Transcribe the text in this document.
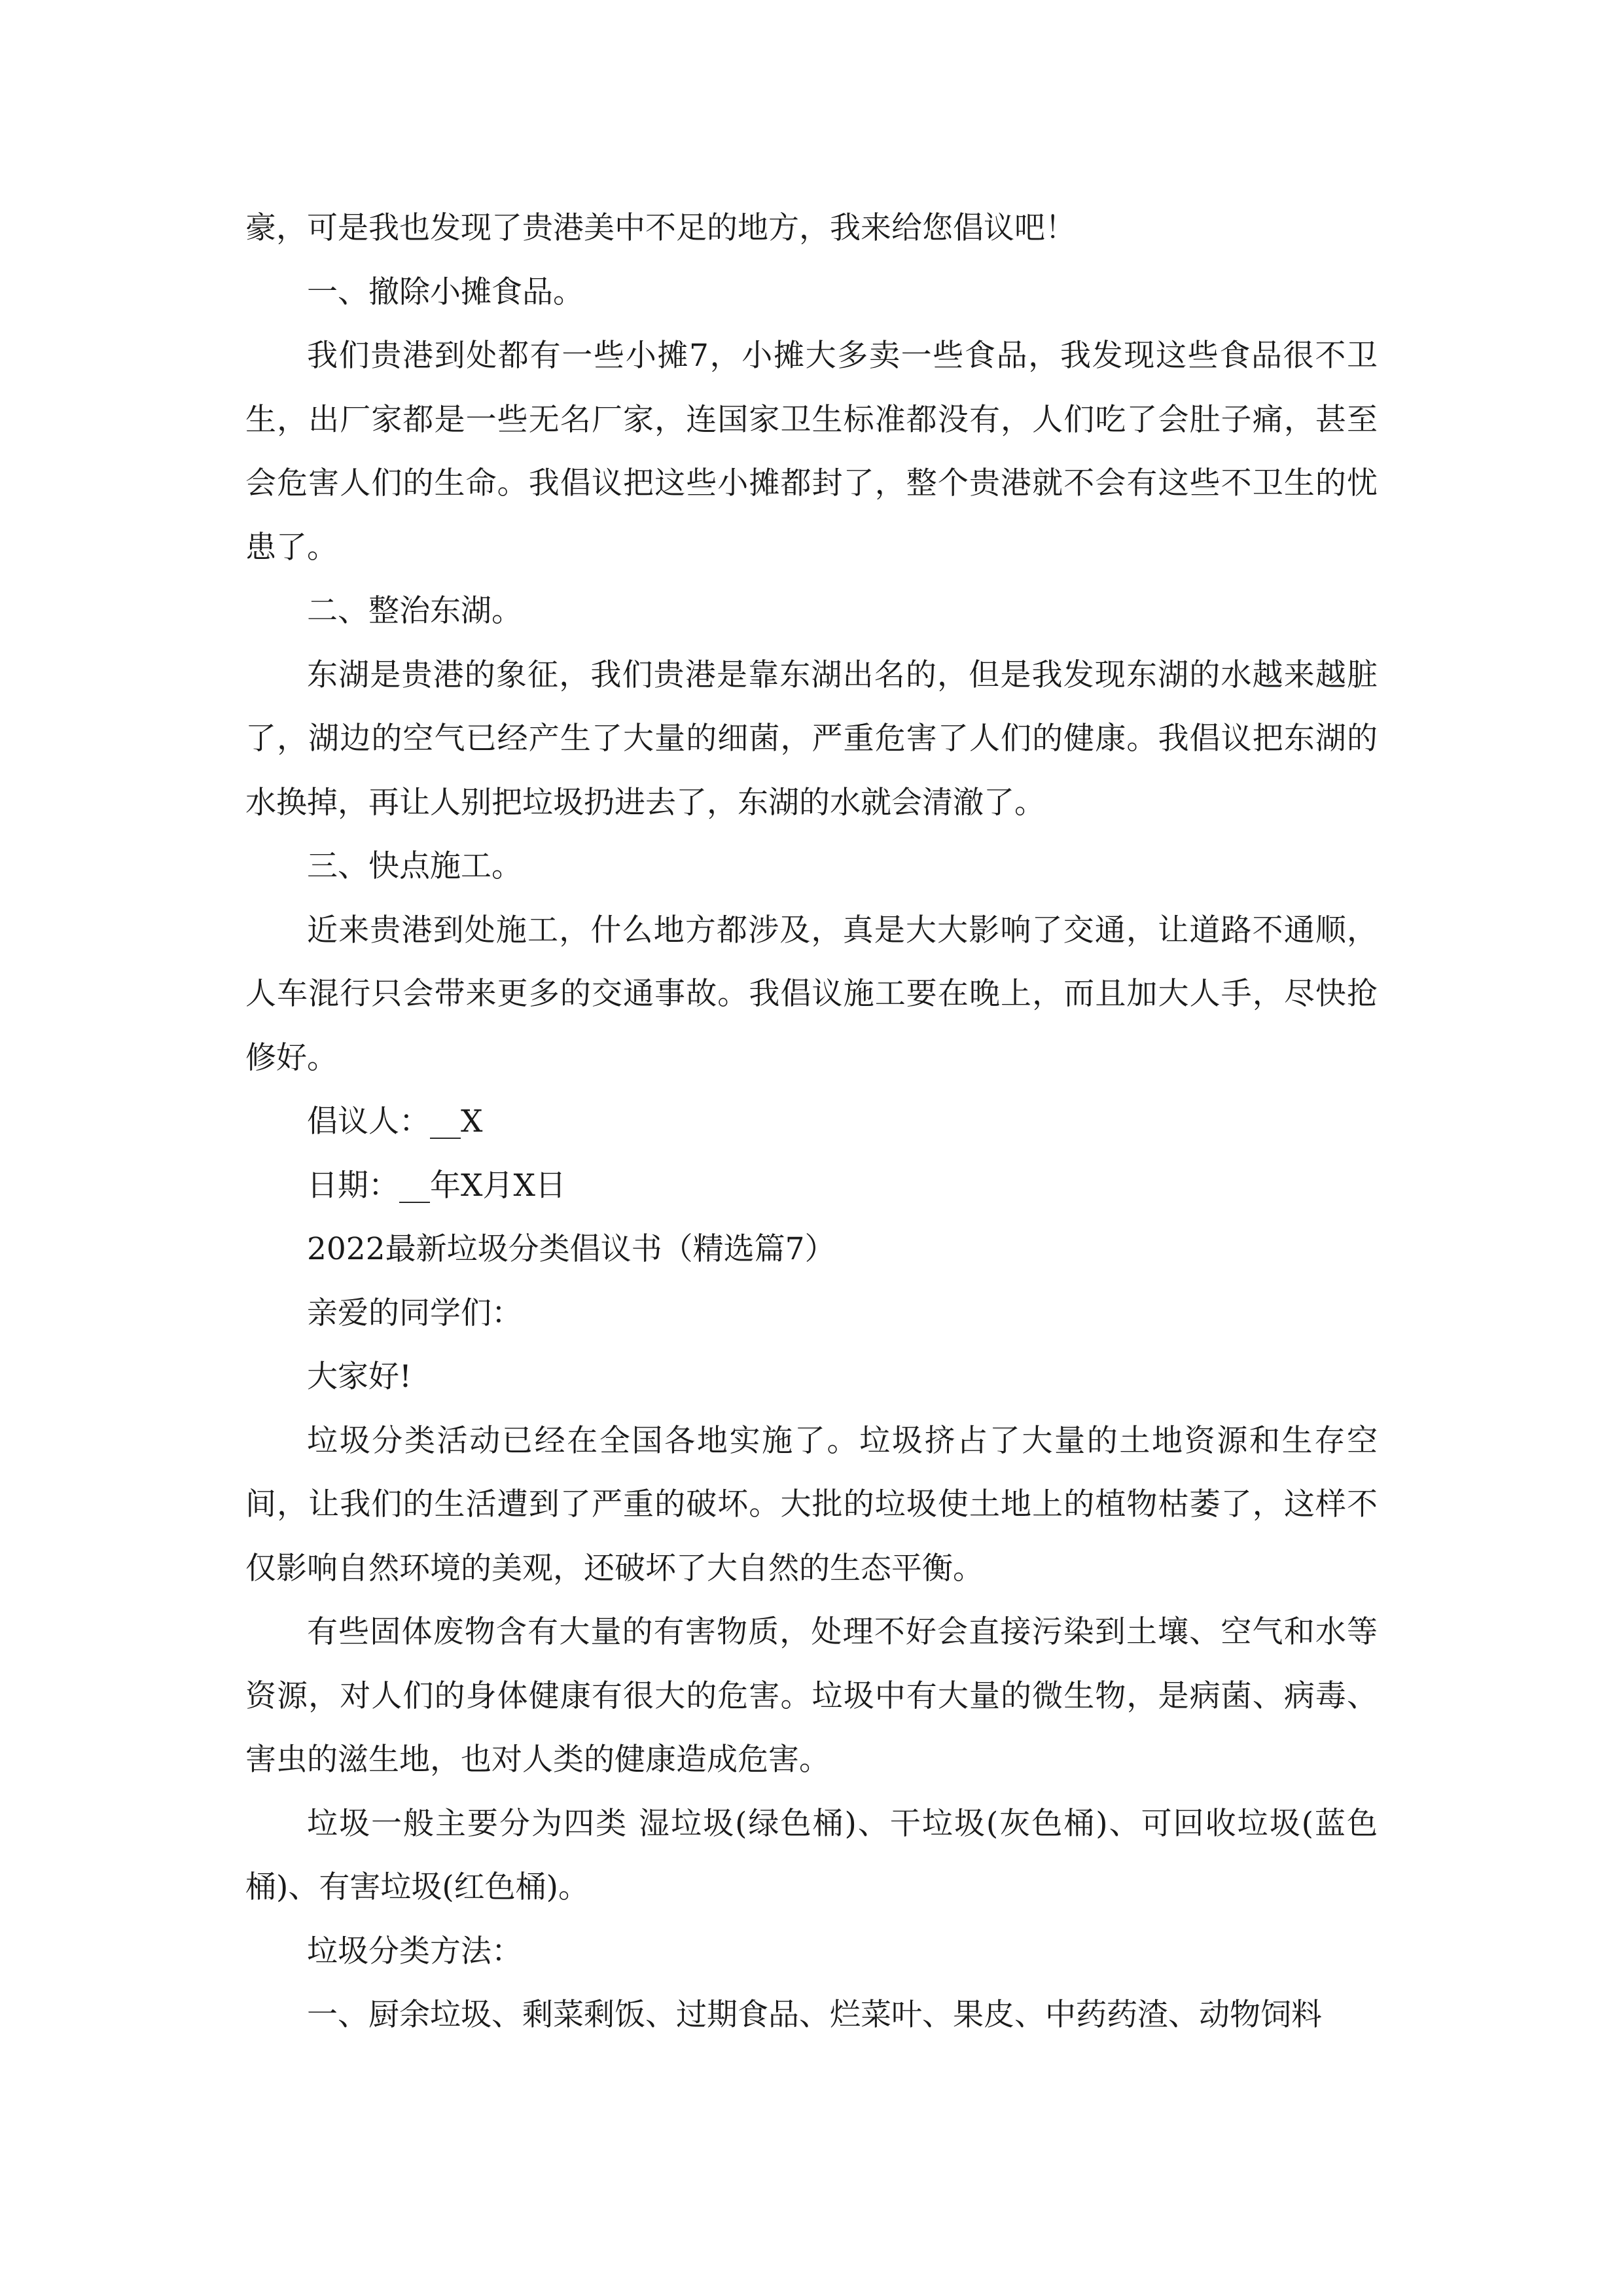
豪，可是我也发现了贵港美中不足的地方，我来给您倡议吧！

一、撤除小摊食品。

我们贵港到处都有一些小摊7，小摊大多卖一些食品，我发现这些食品很不卫生，出厂家都是一些无名厂家，连国家卫生标准都没有，人们吃了会肚子痛，甚至会危害人们的生命。我倡议把这些小摊都封了，整个贵港就不会有这些不卫生的忧患了。

二、整治东湖。

东湖是贵港的象征，我们贵港是靠东湖出名的，但是我发现东湖的水越来越脏了，湖边的空气已经产生了大量的细菌，严重危害了人们的健康。我倡议把东湖的水换掉，再让人别把垃圾扔进去了，东湖的水就会清澈了。

三、快点施工。

近来贵港到处施工，什么地方都涉及，真是大大影响了交通，让道路不通顺，人车混行只会带来更多的交通事故。我倡议施工要在晚上，而且加大人手，尽快抢修好。

倡议人：__X

日期：__年X月X日

2022最新垃圾分类倡议书（精选篇7）

亲爱的同学们：

大家好!

垃圾分类活动已经在全国各地实施了。垃圾挤占了大量的土地资源和生存空间，让我们的生活遭到了严重的破坏。大批的垃圾使土地上的植物枯萎了，这样不仅影响自然环境的美观，还破坏了大自然的生态平衡。

有些固体废物含有大量的有害物质，处理不好会直接污染到土壤、空气和水等资源，对人们的身体健康有很大的危害。垃圾中有大量的微生物，是病菌、病毒、害虫的滋生地，也对人类的健康造成危害。

垃圾一般主要分为四类 湿垃圾(绿色桶)、干垃圾(灰色桶)、可回收垃圾(蓝色桶)、有害垃圾(红色桶)。

垃圾分类方法：

一、厨余垃圾、剩菜剩饭、过期食品、烂菜叶、果皮、中药药渣、动物饲料
